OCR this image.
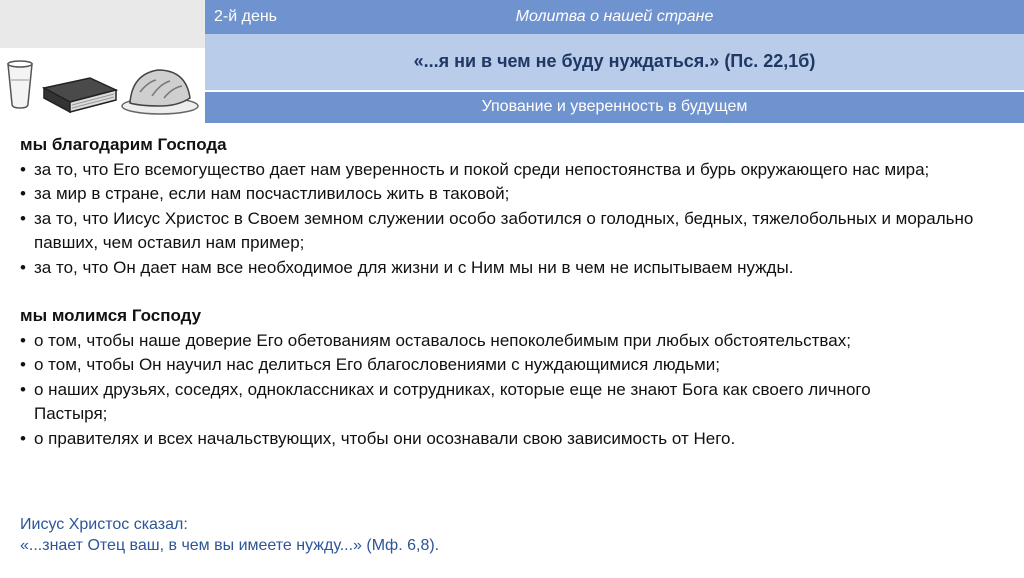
2-й день	Молитва о нашей стране
«...я ни в чем не буду нуждаться.» (Пс. 22,1б)
Упование и уверенность в будущем

мы благодарим Господа

• за то, что Его всемогущество дает нам уверенность и покой среди непостоянства и бурь окружающего нас мира;
• за мир в стране, если нам посчастливилось жить в таковой;
• за то, что Иисус Христос в Своем земном служении особо заботился о голодных, бедных, тяжелобольных и морально павших, чем оставил нам пример;
• за то, что Он дает нам все необходимое для жизни и с Ним мы ни в чем не испытываем нужды.

мы молимся Господу

• о том, чтобы наше доверие Его обетованиям оставалось непоколебимым при любых обстоятельствах;
• о том, чтобы Он научил нас делиться Его благословениями с нуждающимися людьми;
• о наших друзьях, соседях, одноклассниках и сотрудниках, которые еще не знают Бога как своего личного Пастыря;
• о правителях и всех начальствующих, чтобы они осознавали свою зависимость от Него.
Иисус Христос сказал:
«...знает Отец ваш, в чем вы имеете нужду...» (Мф. 6,8).
